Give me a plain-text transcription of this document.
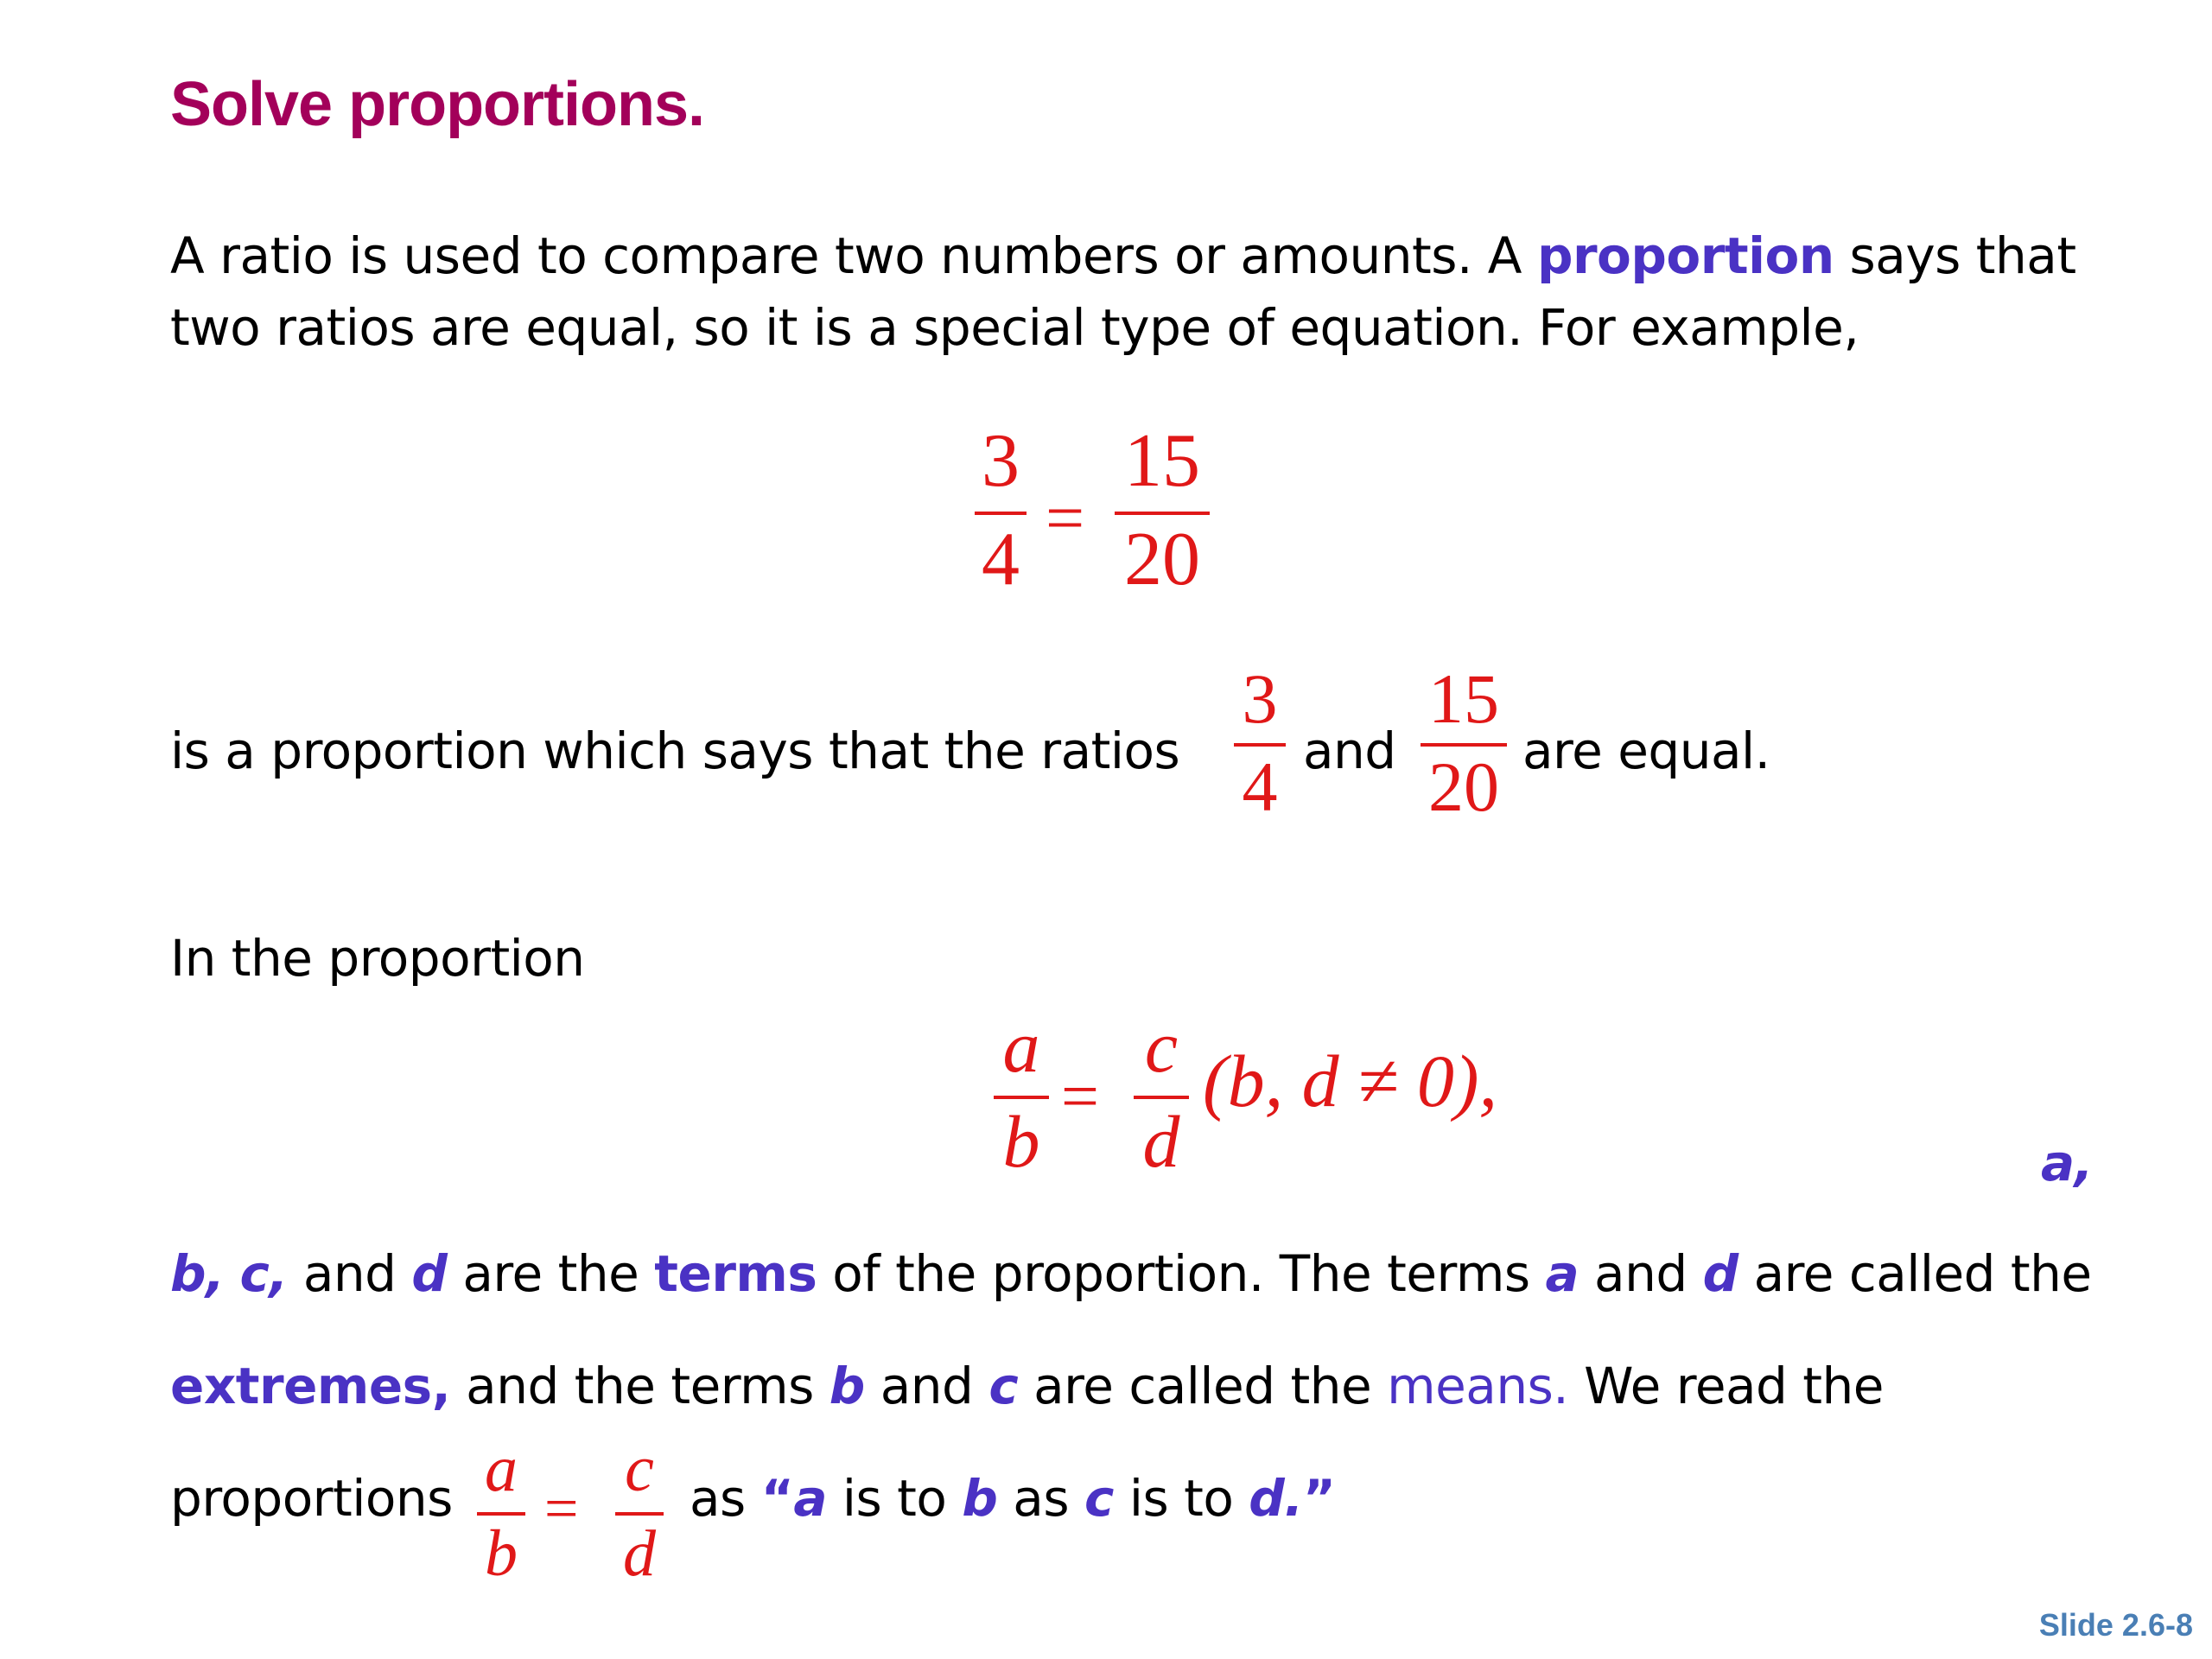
Solve proportions.
A ratio is used to compare two numbers or amounts. A proportion says that
two ratios are equal, so it is a special type of equation. For example,
3
4 =
15
20
is a proportion which says that the ratios
3
4 and
15
20 are equal.
In the proportion
a
b
=
c
d
(b, d ≠ 0),
a,
b, c, and d are the terms of the proportion. The terms a and d are called the
extremes, and the terms b and c are called the means. We read the
proportions a
b
=
c
d
as “a is to b as c is to d.”
Slide 2.6-8
